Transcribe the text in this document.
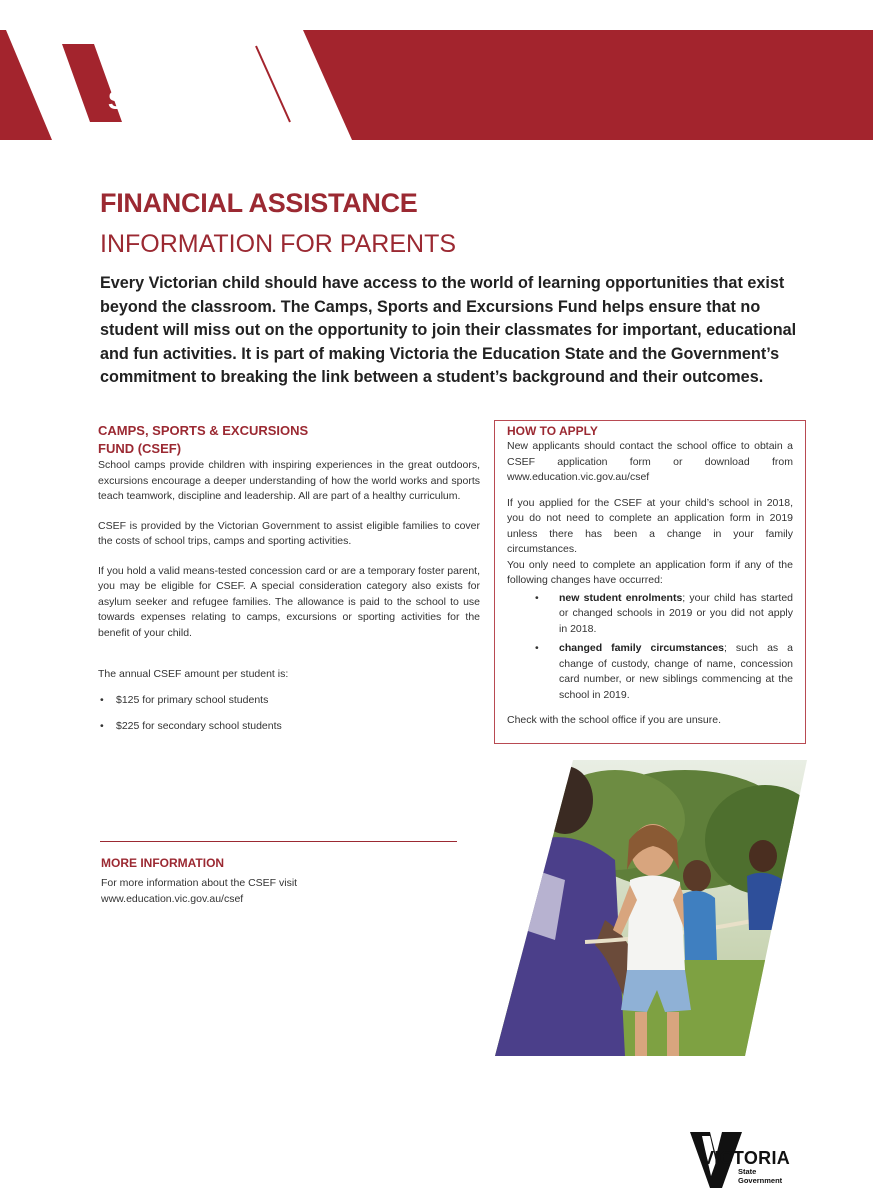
THE
EDUCATION
STATE
FINANCIAL ASSISTANCE
INFORMATION FOR PARENTS

Every Victorian child should have access to the world of learning opportunities that exist beyond the classroom. The Camps, Sports and Excursions Fund helps ensure that no student will miss out on the opportunity to join their classmates for important, educational and fun activities. It is part of making Victoria the Education State and the Government’s commitment to breaking the link between a student’s background and their outcomes.

CAMPS, SPORTS & EXCURSIONS
FUND (CSEF)

School camps provide children with inspiring experiences in the great outdoors, excursions encourage a deeper understanding of how the world works and sports teach teamwork, discipline and leadership. All are part of a healthy curriculum.

CSEF is provided by the Victorian Government to assist eligible families to cover the costs of school trips, camps and sporting activities.

If you hold a valid means-tested concession card or are a temporary foster parent, you may be eligible for CSEF. A special consideration category also exists for asylum seeker and refugee families. The allowance is paid to the school to use towards expenses relating to camps, excursions or sporting activities for the benefit of your child.

The annual CSEF amount per student is:

• $125 for primary school students
• $225 for secondary school students
MORE INFORMATION
For more information about the CSEF visit
www.education.vic.gov.au/csef
HOW TO APPLY

New applicants should contact the school office to obtain a CSEF application form or download from www.education.vic.gov.au/csef

If you applied for the CSEF at your child’s school in 2018, you do not need to complete an application form in 2019 unless there has been a change in your family circumstances.

You only need to complete an application form if any of the following changes have occurred:

• new student enrolments; your child has started or changed schools in 2019 or you did not apply in 2018.
• changed family circumstances; such as a change of custody, change of name, concession card number, or new siblings commencing at the school in 2019.

Check with the school office if you are unsure.

VICTORIA
State
Government
